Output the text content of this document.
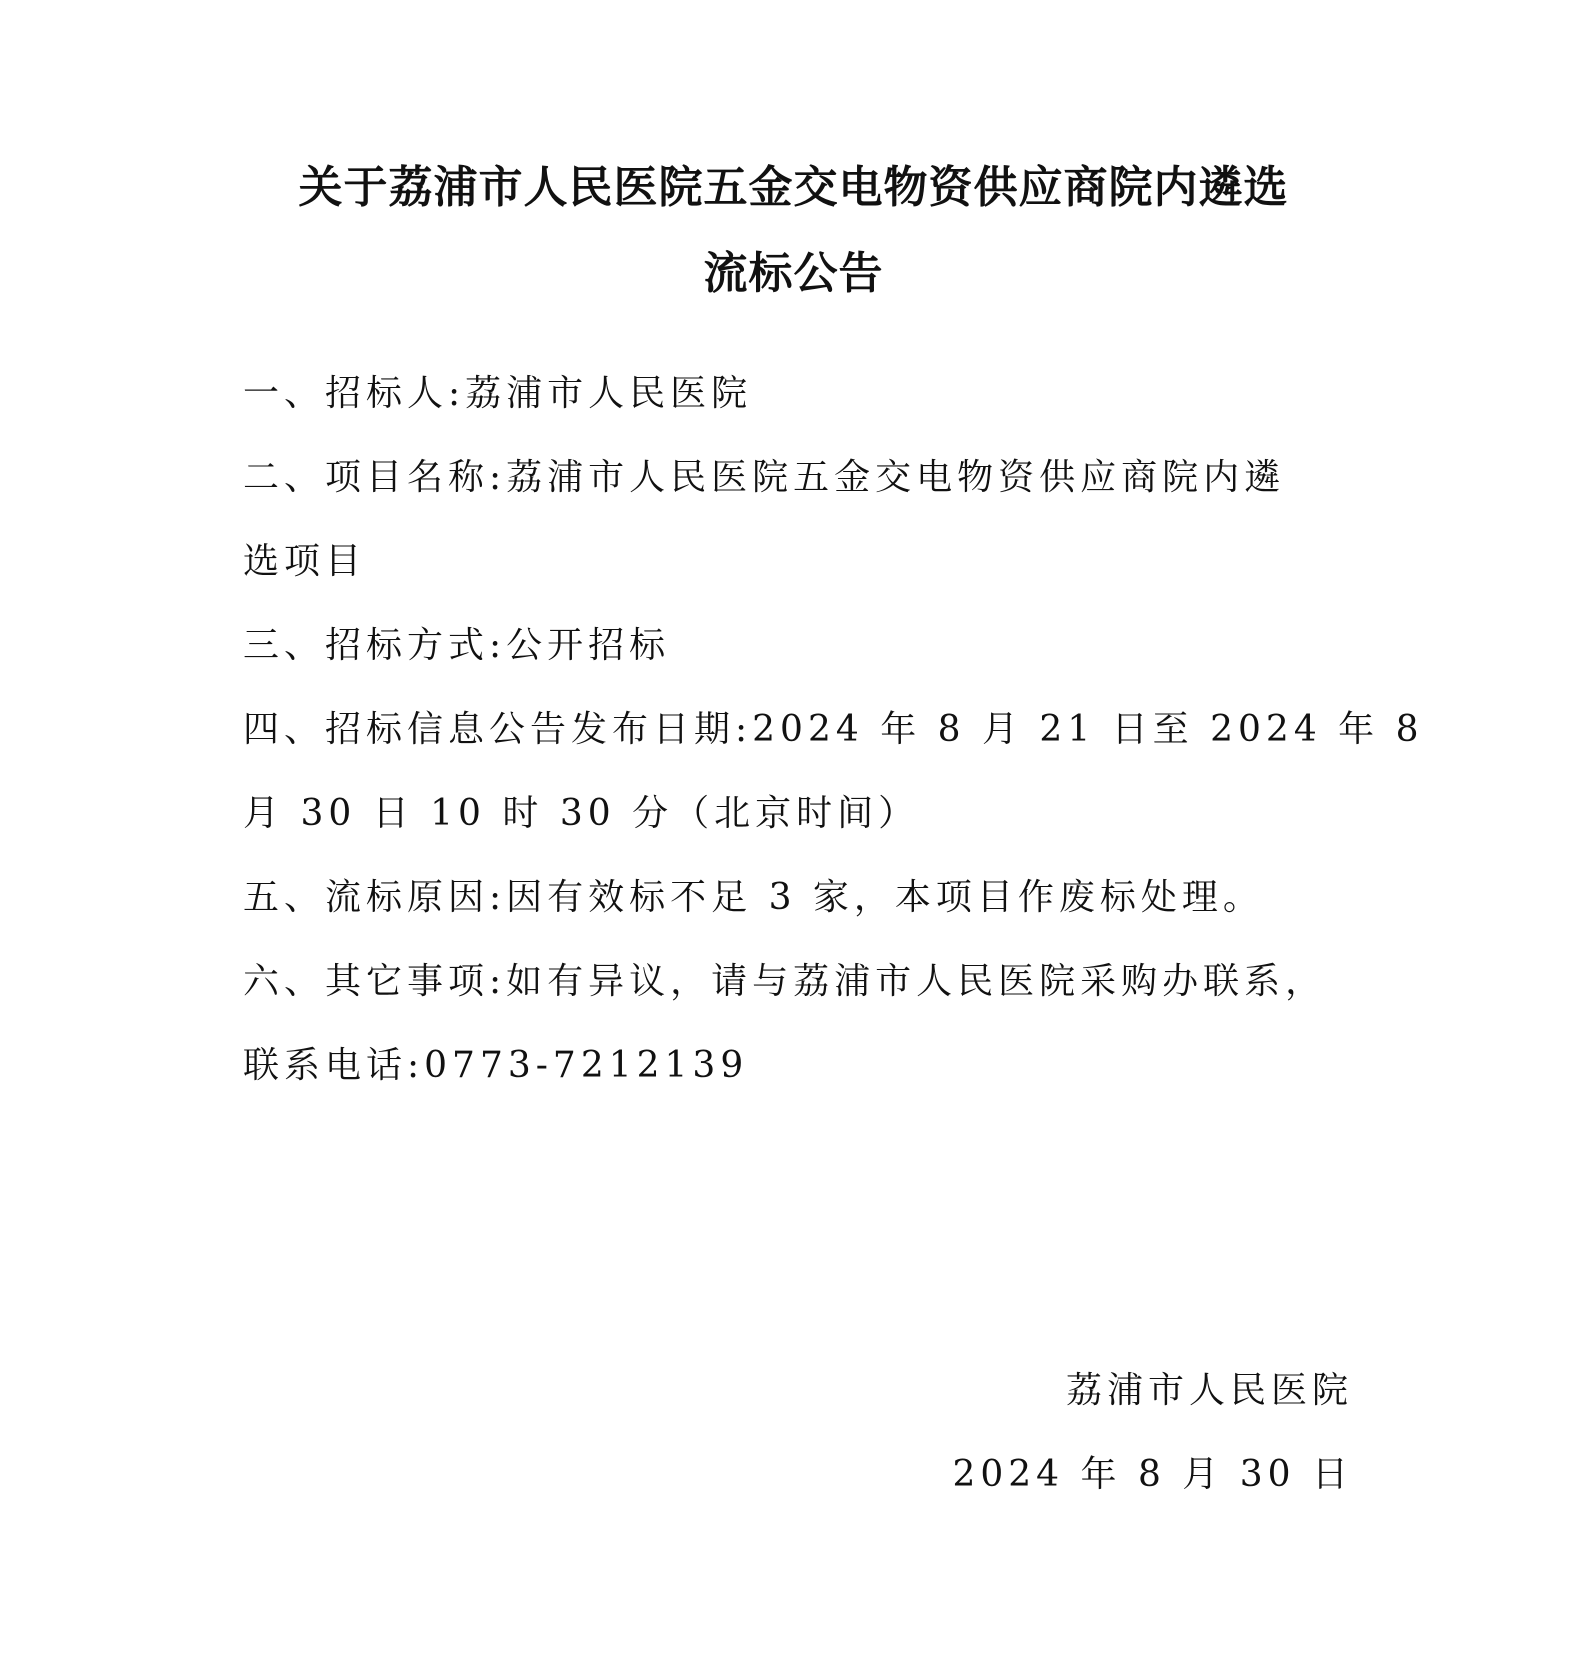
关于荔浦市人民医院五金交电物资供应商院内遴选
流标公告

一、招标人:荔浦市人民医院

二、项目名称:荔浦市人民医院五金交电物资供应商院内遴

选项目

三、招标方式:公开招标

四、招标信息公告发布日期:2024 年 8 月 21 日至 2024 年 8

月 30 日 10 时 30 分（北京时间）

五、流标原因:因有效标不足 3 家，本项目作废标处理。

六、其它事项:如有异议，请与荔浦市人民医院采购办联系，

联系电话:0773-7212139

荔浦市人民医院
2024 年 8 月 30 日
